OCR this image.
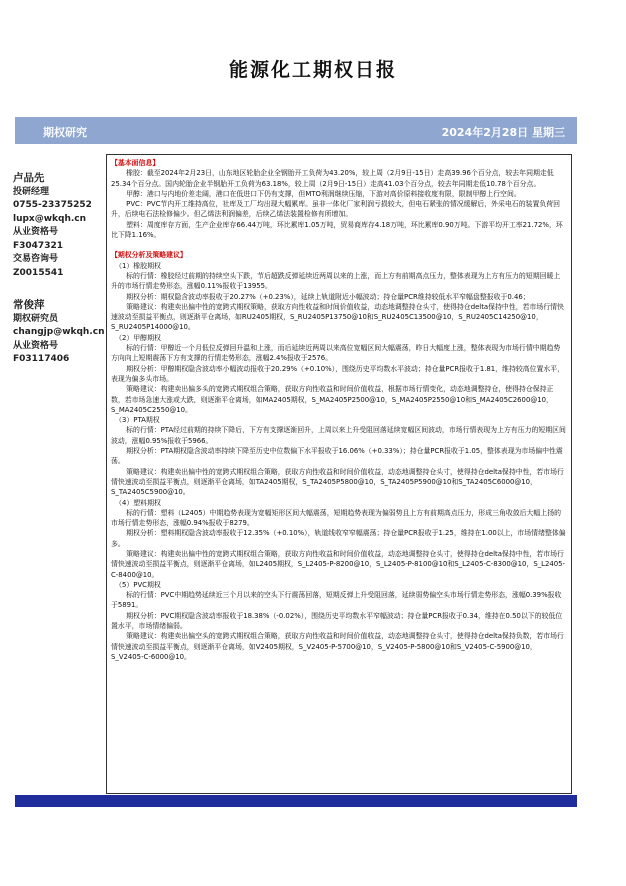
能源化工期权日报
期权研究	2024年2月28日 星期三
卢品先
投研经理
0755-23375252
lupx@wkqh.cn
从业资格号
F3047321
交易咨询号
Z0015541
常俊萍
期权研究员
changjp@wkqh.cn
从业资格号
F03117406

【基本面信息】

橡胶：截至2024年2月23日，山东地区轮胎企业全钢胎开工负荷为43.20%，较上周（2月9日-15日）走高39.96个百分点，较去年同期走低25.34个百分点。国内轮胎企业半钢胎开工负荷为63.18%，较上周（2月9日-15日）走高41.03个百分点，较去年同期走低10.78个百分点。

甲醇：港口与内地价差走阔，港口在低进口下仍有支撑，但MTO利润继续压缩，下游对高价原料接收度有限，限制甲醇上行空间。

PVC：PVC节内开工维持高位，社库及工厂均出现大幅累库。虽非一体化厂家利润亏损较大，但电石紧张的情况缓解后，外采电石的装置负荷回升，后续电石法检修偏少。但乙烯法利润偏差，后续乙烯法装置检修有所增加。

塑料：周度库存方面，生产企业库存66.44万吨，环比累库1.05万吨，贸易商库存4.18万吨，环比累库0.90万吨。下游平均开工率21.72%，环比下降1.16%。

【期权分析及策略建议】

（1）橡胶期权

标的行情：橡胶经过前期的持续空头下跌，节后超跌反弹延续近两周以来的上涨，而上方有前期高点压力，整体表现为上方有压力的短期回暖上升的市场行情走势形态，涨幅0.11%报收于13955。

期权分析：期权隐含波动率报收于20.27%（+0.23%），延续上轨道附近小幅波动；持仓量PCR维持较低水平窄幅盘整报收于0.46；

策略建议：构建卖出偏中性的宽跨式期权策略，获取方向性收益和时间价值收益，动态地调整持仓头寸，使得持仓delta保持中性，若市场行情快速波动至损益平衡点，则逐渐平仓离场，如RU2405期权，S_RU2405P13750@10和S_RU2405C13500@10，S_RU2405C14250@10，S_RU2405P14000@10。

（2）甲醇期权

标的行情：甲醇近一个月低位反弹回升温和上涨，而后延续近两周以来高位宽幅区间大幅震荡，昨日大幅度上涨，整体表现为市场行情中期趋势方向向上短期震荡下方有支撑的行情走势形态，涨幅2.4%报收于2576。

期权分析：甲醇期权隐含波动率小幅波动报收于20.29%（+0.10%），围绕历史平均数水平波动；持仓量PCR报收于1.81，维持较高位置水平，表现为偏多头市场。

策略建议：构建卖出偏多头的宽跨式期权组合策略，获取方向性收益和时间价值收益，根据市场行情变化，动态地调整持仓，使得持仓保持正数，若市场急速大涨或大跌，则逐渐平仓离场，如MA2405期权，S_MA2405P2500@10，S_MA2405P2550@10和S_MA2405C2600@10，S_MA2405C2550@10。

（3）PTA期权

标的行情：PTA经过前期的持续下降后，下方有支撑逐渐回升，上周以来上升受阻回落延续宽幅区间波动，市场行情表现为上方有压力的短期区间波动，涨幅0.95%报收于5966。

期权分析：PTA期权隐含波动率持续下降至历史中位数偏下水平报收于16.06%（+0.33%）；持仓量PCR报收于1.05，整体表现为市场偏中性震荡。

策略建议：构建卖出偏中性的宽跨式期权组合策略，获取方向性收益和时间价值收益，动态地调整持仓头寸，使得持仓delta保持中性，若市场行情快速波动至损益平衡点，则逐渐平仓离场，如TA2405期权，S_TA2405P5800@10，S_TA2405P5900@10和S_TA2405C6000@10，S_TA2405C5900@10。

（4）塑料期权

标的行情：塑料（L2405）中期趋势表现为宽幅矩形区间大幅震荡，短期趋势表现为偏弱势且上方有前期高点压力，形成三角收敛后大幅上扬的市场行情走势形态，涨幅0.94%报收于8279。

期权分析：塑料期权隐含波动率报收于12.35%（+0.10%），轨道线收窄窄幅震荡；持仓量PCR报收于1.25，维持在1.00以上，市场情绪整体偏多。

策略建议：构建卖出偏中性的宽跨式期权组合策略，获取方向性收益和时间价值收益，动态地调整持仓头寸，使得持仓delta保持中性，若市场行情快速波动至损益平衡点，则逐渐平仓离场，如L2405期权，S_L2405-P-8200@10，S_L2405-P-8100@10和S_L2405-C-8300@10，S_L2405-C-8400@10。

（5）PVC期权

标的行情：PVC中期趋势延续近三个月以来的空头下行震荡回落，短期反弹上升受阻回落，延续弱势偏空头市场行情走势形态，涨幅0.39%报收于5891。

期权分析：PVC期权隐含波动率报收于18.38%（-0.02%），围绕历史平均数水平窄幅波动；持仓量PCR报收于0.34，维持在0.50以下的较低位置水平，市场情绪偏弱。

策略建议：构建卖出偏空头的宽跨式期权组合策略，获取方向性收益和时间价值收益，动态地调整持仓头寸，使得持仓delta保持负数，若市场行情快速波动至损益平衡点，则逐渐平仓离场，如V2405期权，S_V2405-P-5700@10，S_V2405-P-5800@10和S_V2405-C-5900@10，S_V2405-C-6000@10。
